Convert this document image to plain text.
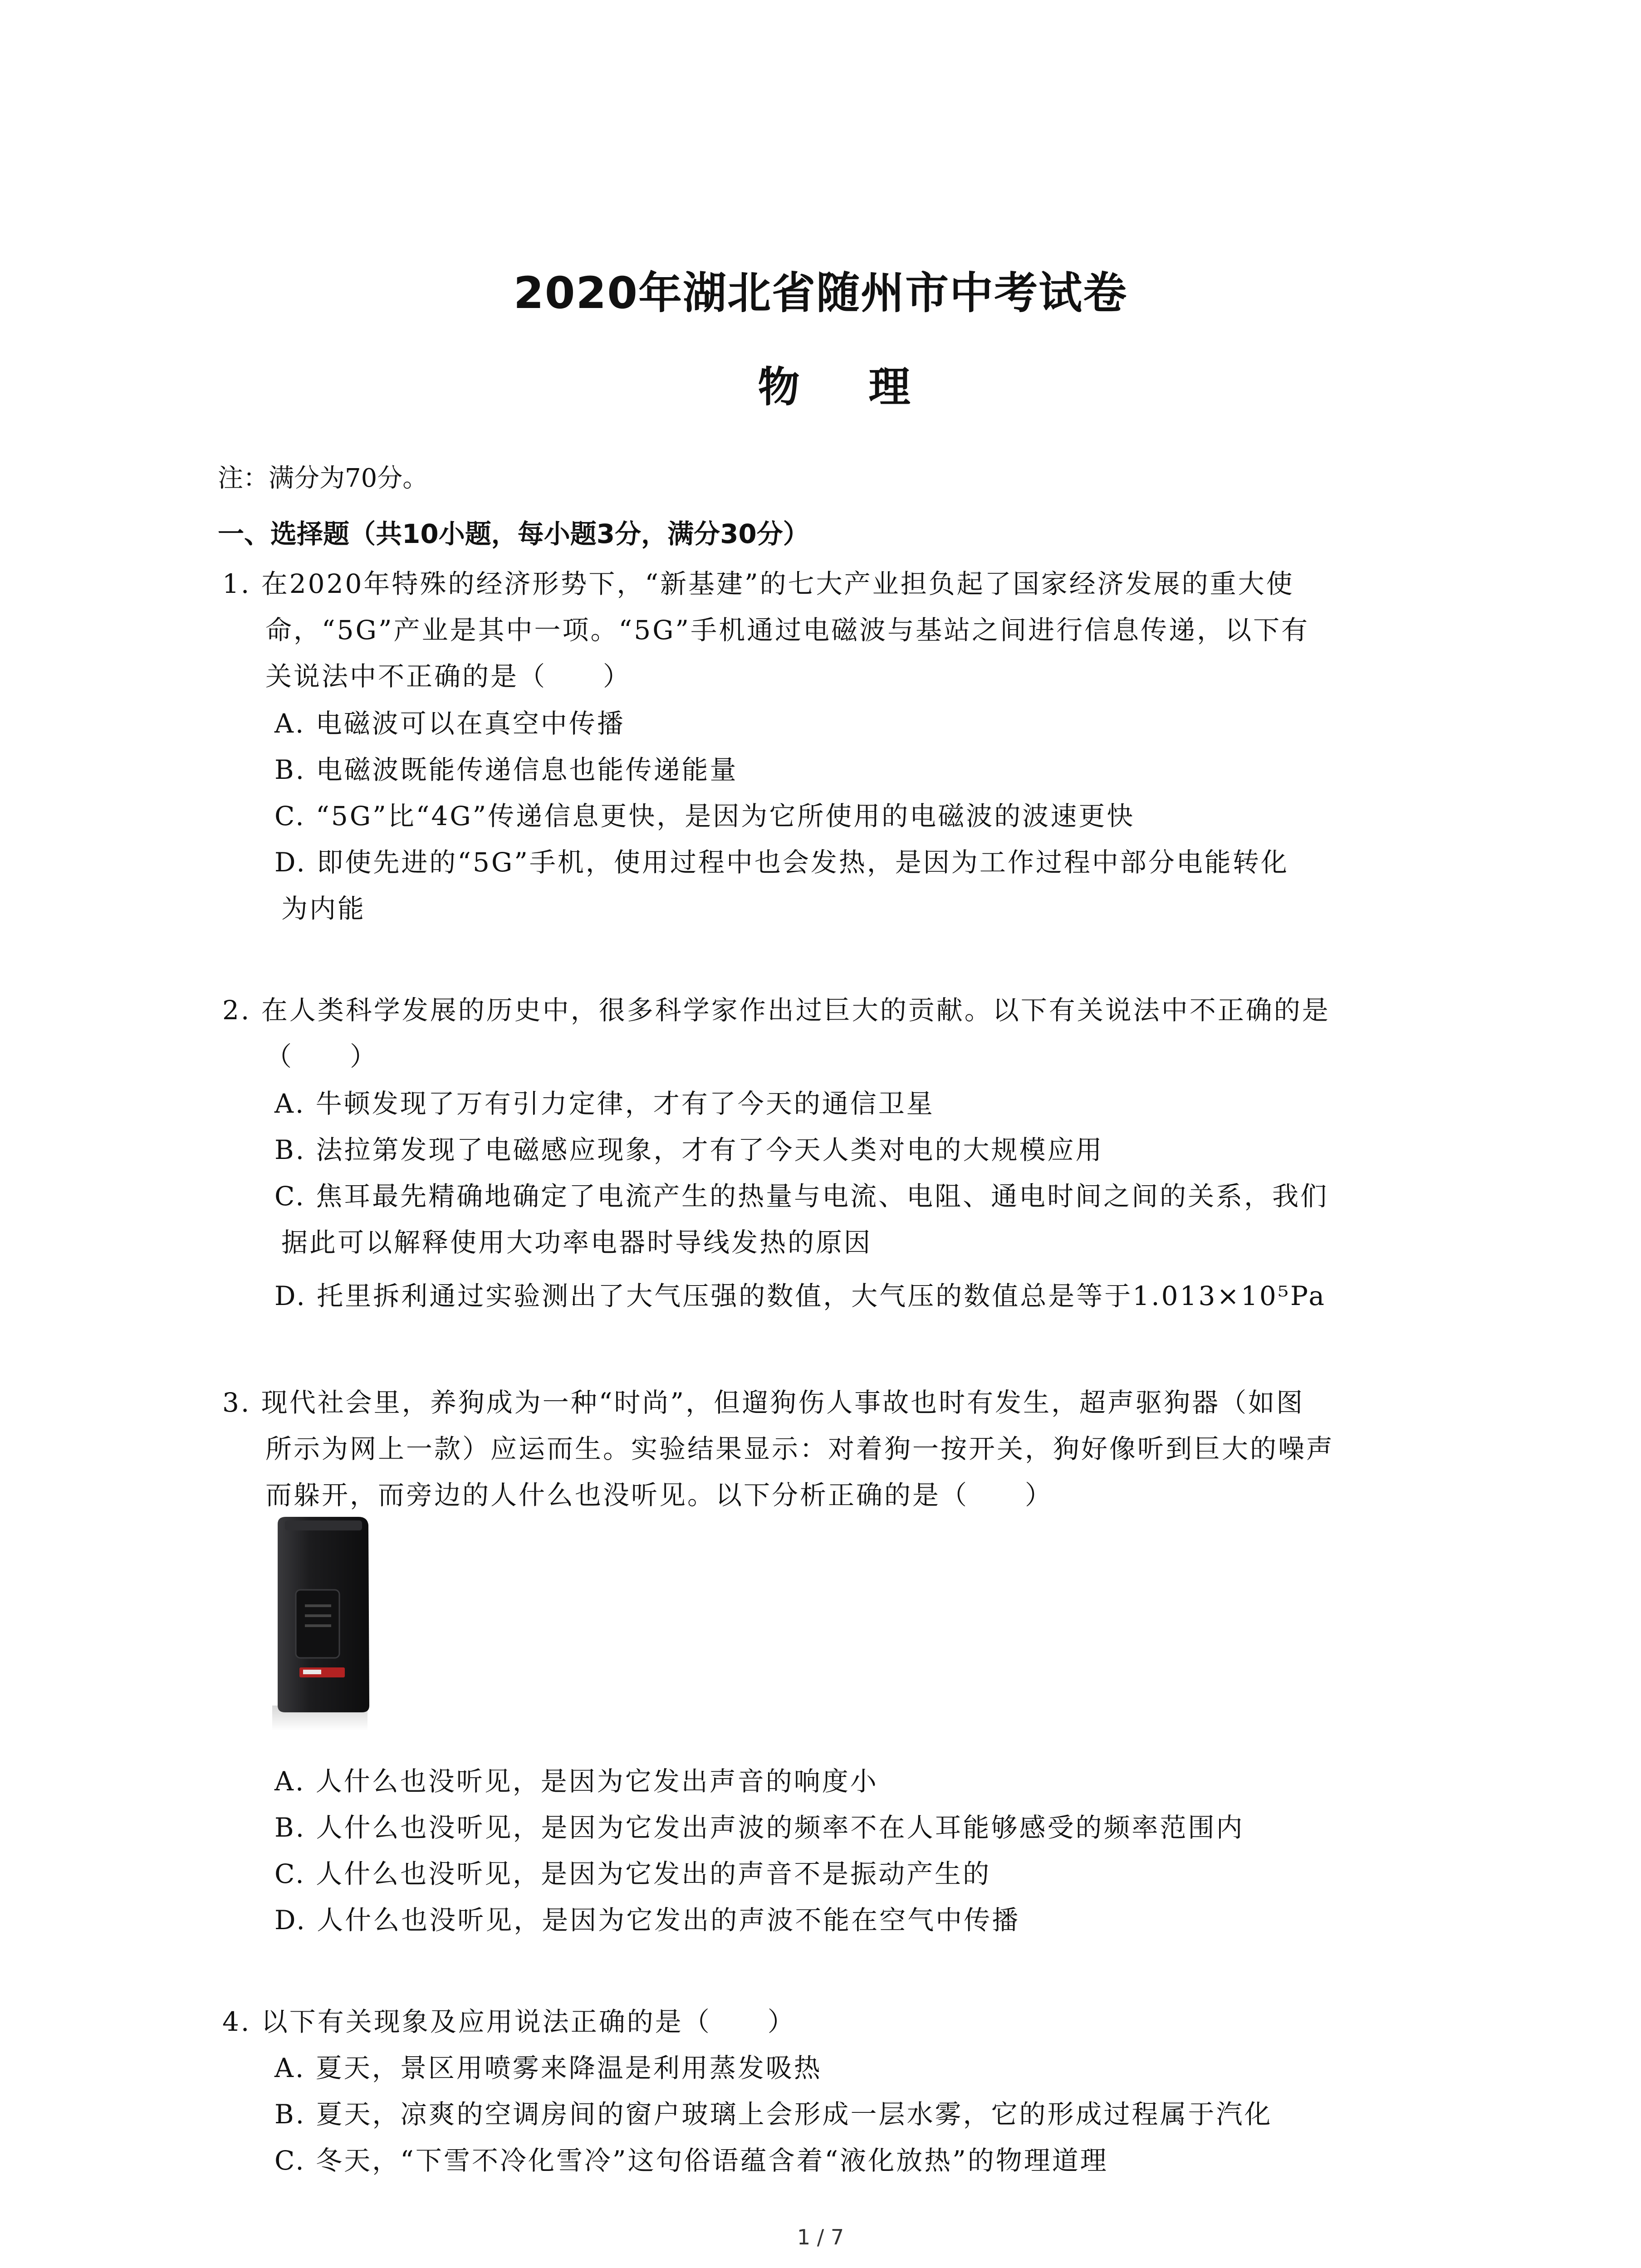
2020年湖北省随州市中考试卷
物 理
注：满分为70分。
一、选择题（共10小题，每小题3分，满分30分）
1. 在2020年特殊的经济形势下，“新基建”的七大产业担负起了国家经济发展的重大使
命，“5G”产业是其中一项。“5G”手机通过电磁波与基站之间进行信息传递，以下有
关说法中不正确的是（　　）
A. 电磁波可以在真空中传播
B. 电磁波既能传递信息也能传递能量
C. “5G”比“4G”传递信息更快，是因为它所使用的电磁波的波速更快
D. 即使先进的“5G”手机，使用过程中也会发热，是因为工作过程中部分电能转化
为内能
2. 在人类科学发展的历史中，很多科学家作出过巨大的贡献。以下有关说法中不正确的是
（　　）
A. 牛顿发现了万有引力定律，才有了今天的通信卫星
B. 法拉第发现了电磁感应现象，才有了今天人类对电的大规模应用
C. 焦耳最先精确地确定了电流产生的热量与电流、电阻、通电时间之间的关系，我们
据此可以解释使用大功率电器时导线发热的原因
D. 托里拆利通过实验测出了大气压强的数值，大气压的数值总是等于1.013×10⁵Pa
3. 现代社会里，养狗成为一种“时尚”，但遛狗伤人事故也时有发生，超声驱狗器（如图
所示为网上一款）应运而生。实验结果显示：对着狗一按开关，狗好像听到巨大的噪声
而躲开，而旁边的人什么也没听见。以下分析正确的是（　　）
A. 人什么也没听见，是因为它发出声音的响度小
B. 人什么也没听见，是因为它发出声波的频率不在人耳能够感受的频率范围内
C. 人什么也没听见，是因为它发出的声音不是振动产生的
D. 人什么也没听见，是因为它发出的声波不能在空气中传播
4. 以下有关现象及应用说法正确的是（　　）
A. 夏天，景区用喷雾来降温是利用蒸发吸热
B. 夏天，凉爽的空调房间的窗户玻璃上会形成一层水雾，它的形成过程属于汽化
C. 冬天，“下雪不冷化雪冷”这句俗语蕴含着“液化放热”的物理道理
1 / 7
